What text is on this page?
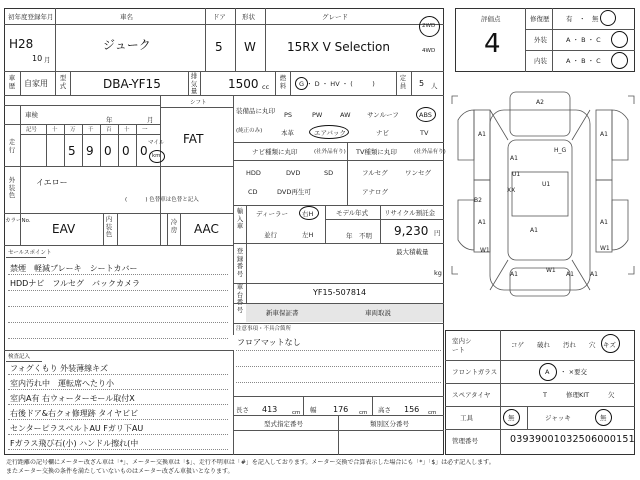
初年度登録年月	車名	ドア 形状	グレード
H28
10 月
ジューク	5 W	15RX V Selection
2WD
4WD
車歴 自家用
型式	DBA-YF15
排気量	1500 cc
燃料 G ・ D ・ HV ・ (　　　)
定員 5 人
シフト
FAT
車検
年	月
走行
記号	十 万 千 百 十 一
5 9 0 0 0
マイル
km
外装色
イエロー
( 　　　) 色替車は色替と記入
カラーNo.
EAV
内装色
冷房 AAC
セールスポイント
禁煙　軽減ブレーキ　シートカバー
HDDナビ　フルセグ　バックカメラ
検査記入
フォグくもり 外装薄線キズ
室内汚れ中　運転席へたり小
室内A有 右ウォーターモール取付X
右後ドア&右クォ修理跡 タイヤビビ
センターピラスベルトAU Fガリ下AU
Fガラス飛び石(小) ハンドル擦れ(中
装備品に丸印
(純正のみ)
PS	PW	AW	サンルーフ	ABS
本革	エアバック	ナビ	TV
ナビ種類に丸印	(社外品有り) TV種類に丸印	(社外品有り)
HDD	DVD	SD
CD	DVD再生可
フルセグ	ワンセグ
アナログ
輸入車
ディーラー 右H
並行	左H
モデル年式
年　不明
リサイクル預託金
9,230 円
最大積載量
kg
登録番号
車台番号
YF15-507814
新車保証書	車両取説
注意事項・不具合箇所
フロアマットなし
長さ 413	cm 幅 176 cm 高さ 156 cm
型式指定番号	類別区分番号
評価点
4
修復歴	有　・　無
外装	A ・ B ・ C
内装	A ・ B ・ C
A2
A1	A1
A1	A1
H_G
U1
A1
XX
U1
B2
A1
A1	A1	A1
W1
W1
W1
室内シート
コゲ 破れ 汚れ 穴 キズ
フロントガラス	A ・ ×要交
スペアタイヤ	T	修理KIT	欠
工具	無	ジャッキ	無
管理番号	03939001032506000151
走行距離の記号欄にメーター改ざん車は「*」、メーター交換車は「$」、走行不明車は「#」を記入しております。メーター交換で合算表示した場合にも「*」「$」は必ず記入します。
またメーター交換の条件を満たしていないものはメーター改ざん車扱いとなります。
